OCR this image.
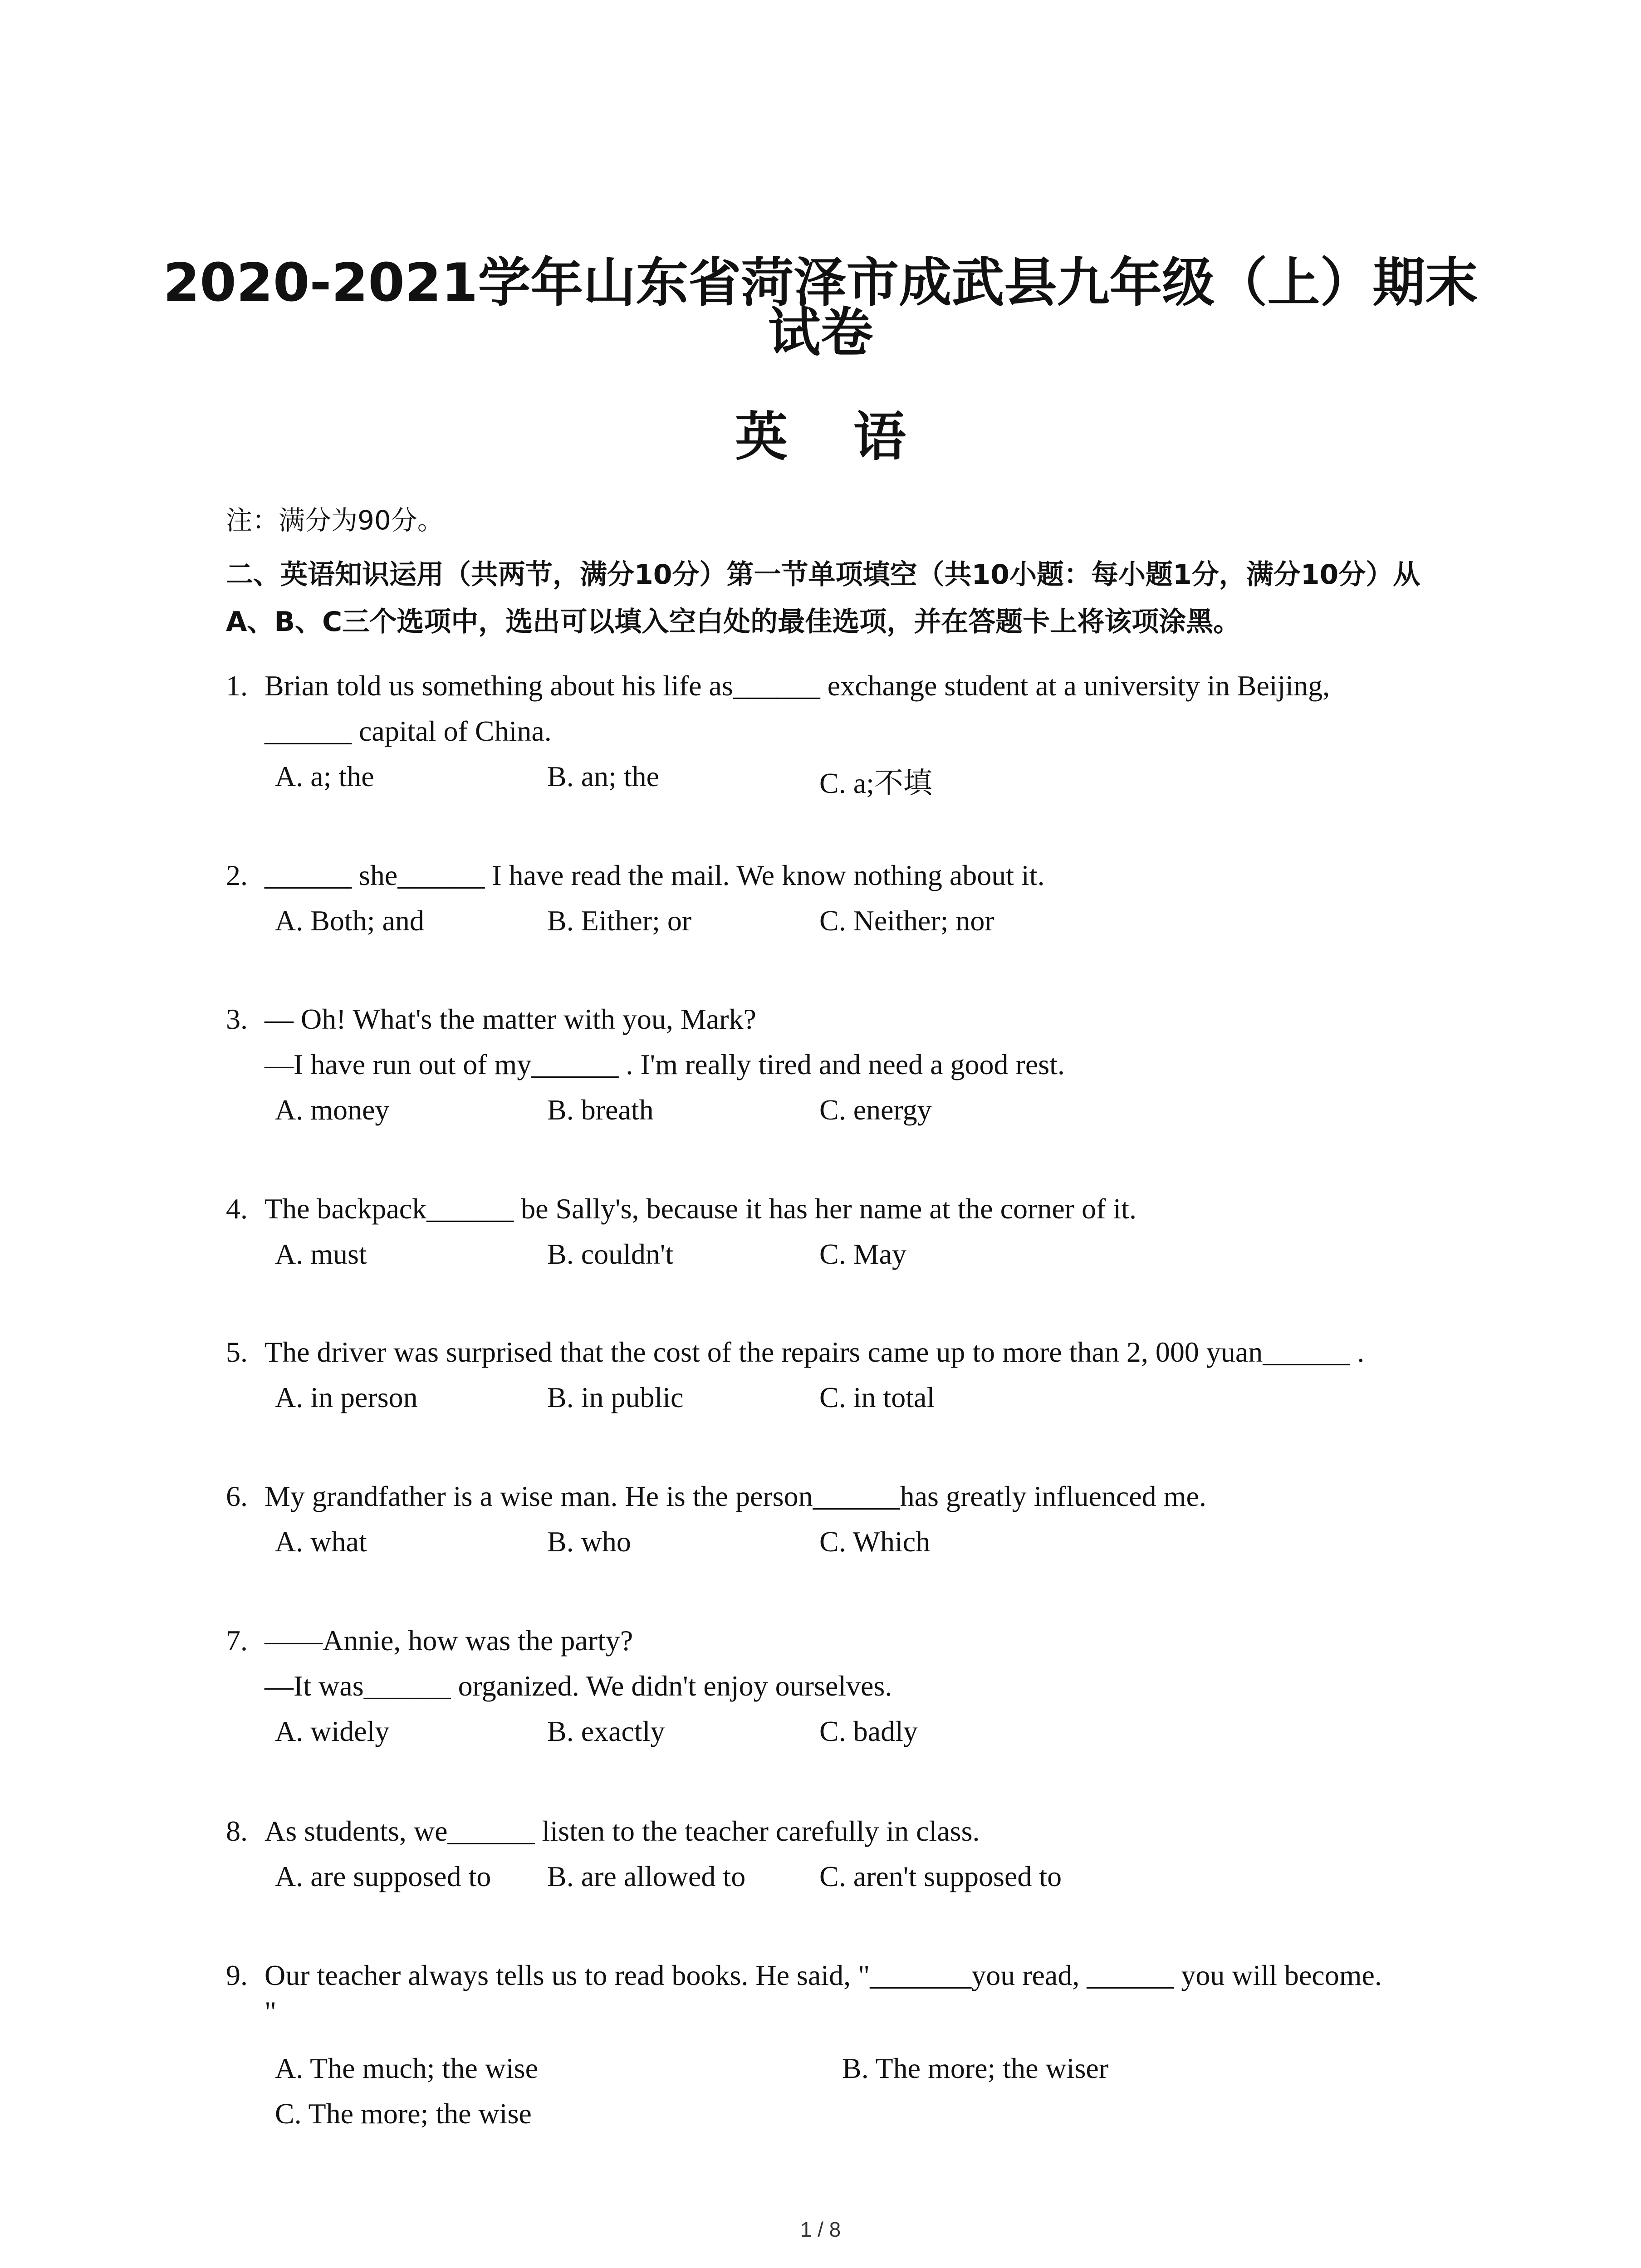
2020-2021学年山东省菏泽市成武县九年级（上）期末
试卷
英 语
注：满分为90分。

二、英语知识运用（共两节，满分10分）第一节单项填空（共10小题：每小题1分，满分10分）从A、B、C三个选项中，选出可以填入空白处的最佳选项，并在答题卡上将该项涂黑。

1. Brian told us something about his life as______ exchange student at a university in Beijing,
______ capital of China.
A. a; the	B. an; the	C. a;不填
2. ______ she______ I have read the mail. We know nothing about it.
A. Both; and	B. Either; or	C. Neither; nor
3. — Oh! What's the matter with you, Mark?
—I have run out of my______ . I'm really tired and need a good rest.
A. money	B. breath	C. energy
4. The backpack______ be Sally's, because it has her name at the corner of it.
A. must	B. couldn't	C. May
5. The driver was surprised that the cost of the repairs came up to more than 2, 000 yuan______ .
A. in person	B. in public	C. in total
6. My grandfather is a wise man. He is the person______has greatly influenced me.
A. what	B. who	C. Which
7. ——Annie, how was the party?
—It was______ organized. We didn't enjoy ourselves.
A. widely	B. exactly	C. badly
8. As students, we______ listen to the teacher carefully in class.
A. are supposed to B. are allowed to	C. aren't supposed to
9. Our teacher always tells us to read books. He said, "_______you read, ______ you will become.
"
A. The much; the wise	B. The more; the wiser
C. The more; the wise
1 / 8
